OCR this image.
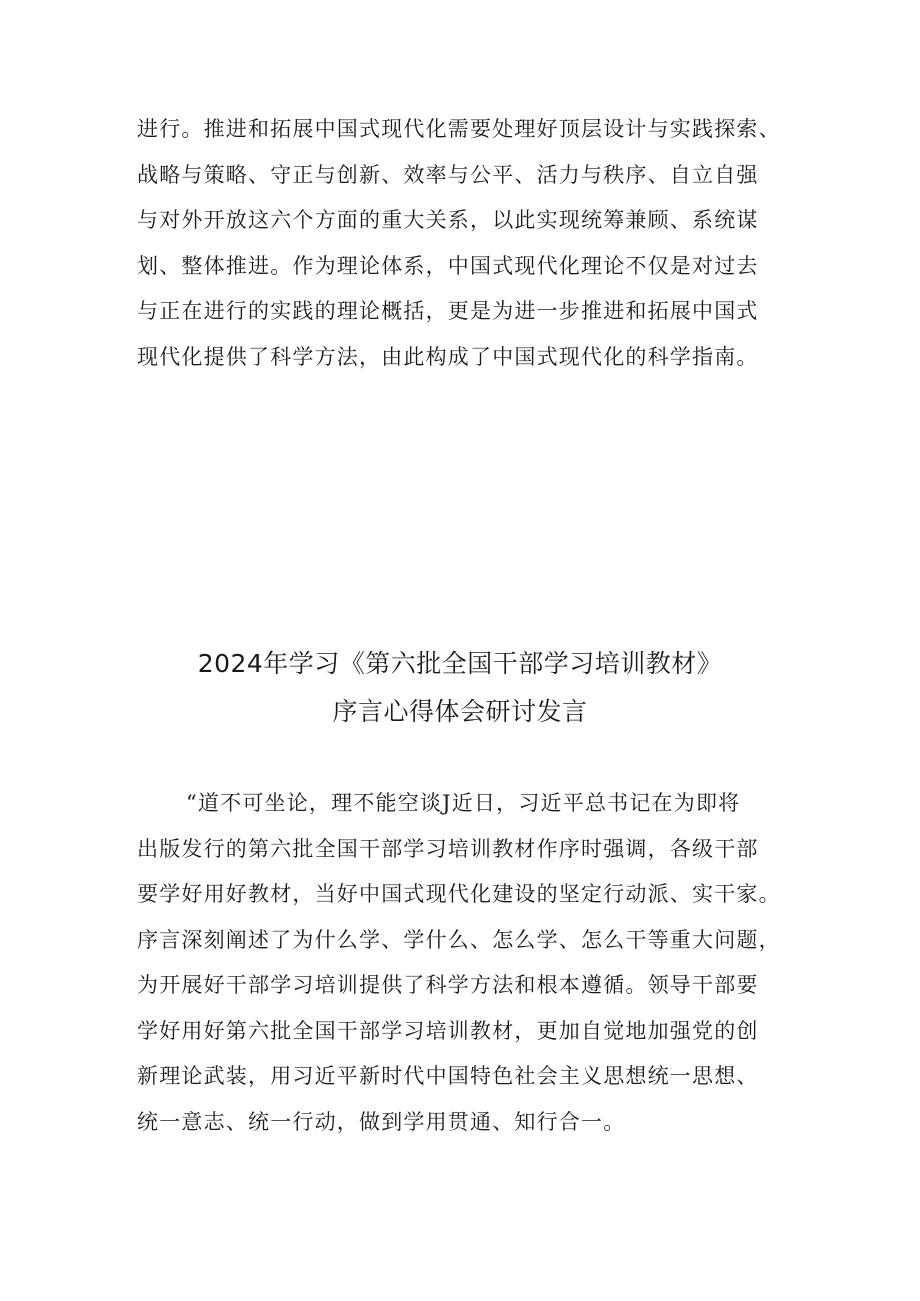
进行。推进和拓展中国式现代化需要处理好顶层设计与实践探索、
战略与策略、守正与创新、效率与公平、活力与秩序、自立自强
与对外开放这六个方面的重大关系，以此实现统筹兼顾、系统谋
划、整体推进。作为理论体系，中国式现代化理论不仅是对过去
与正在进行的实践的理论概括，更是为进一步推进和拓展中国式
现代化提供了科学方法，由此构成了中国式现代化的科学指南。
2024年学习《第六批全国干部学习培训教材》
序言心得体会研讨发言
“道不可坐论，理不能空谈J近日，习近平总书记在为即将
出版发行的第六批全国干部学习培训教材作序时强调，各级干部
要学好用好教材，当好中国式现代化建设的坚定行动派、实干家。
序言深刻阐述了为什么学、学什么、怎么学、怎么干等重大问题，
为开展好干部学习培训提供了科学方法和根本遵循。领导干部要
学好用好第六批全国干部学习培训教材，更加自觉地加强党的创
新理论武装，用习近平新时代中国特色社会主义思想统一思想、
统一意志、统一行动，做到学用贯通、知行合一。
